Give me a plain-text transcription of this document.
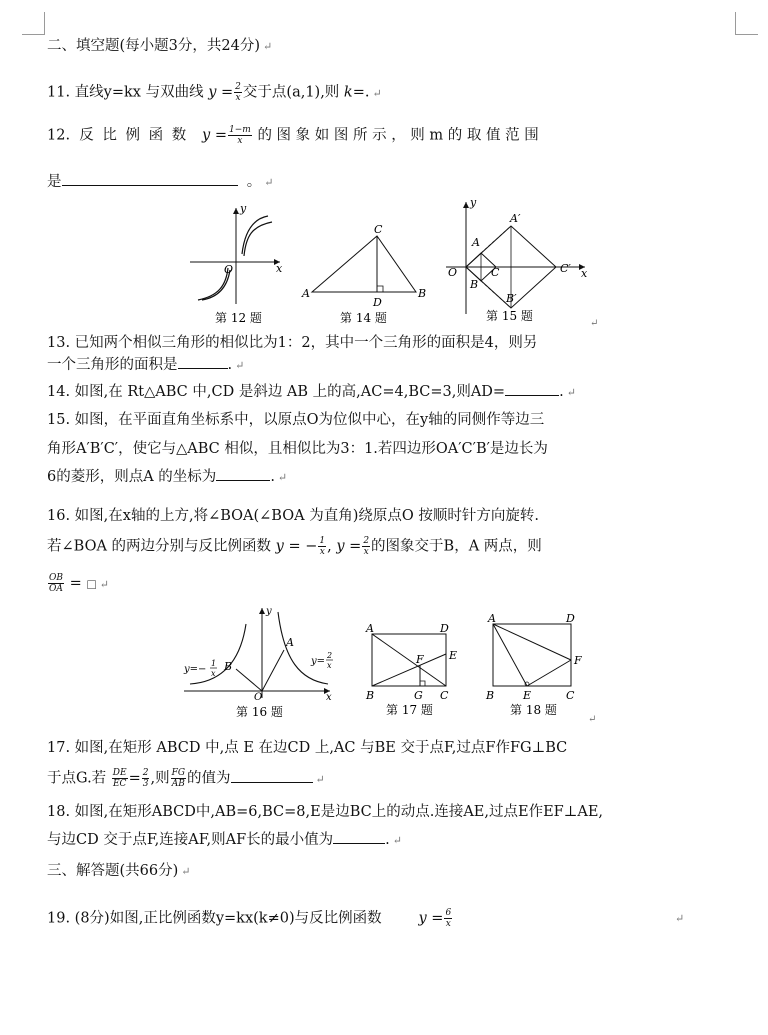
二、填空题(每小题3分，共24分) ↵
11. 直线y=kx 与双曲线 $y = \frac{2}{x}$ 交于点(a,1),则 k=. ↵
12. 反 比 例 函 数 $y = \frac{1-m}{x}$ 的 图 象 如 图 所 示 ， 则 m 的 取 值 范 围
是	。 ↵
x
y
O
第 12 题
A	B
C
D
第 14 题
x
y
O
A
B
C
A′
B′
C′
第 15 题
↵
13. 已知两个相似三角形的相似比为1：2，其中一个三角形的面积是4，则另
一个三角形的面积是	. ↵
14. 如图,在 Rt△ABC 中,CD 是斜边 AB 上的高,AC=4,BC=3,则AD=	. ↵
15. 如图，在平面直角坐标系中，以原点O为位似中心，在y轴的同侧作等边三
角形A′B′C′，使它与△ABC 相似，且相似比为3：1.若四边形OA′C′B′是边长为
6的菱形，则点A 的坐标为	. ↵
16. 如图,在x轴的上方,将∠BOA(∠BOA 为直角)绕原点O 按顺时针方向旋转.
若∠BOA 的两边分别与反比例函数 y = − $\frac{1}{x}$ , $y = \frac{2}{x}$ 的图象交于B，A 两点，则
$\frac{OB}{OA}$ = □ ↵
y
x
O
A
B
y=−
1
x
y=
2
x
第 16 题
A	D
B	C
E
F
G
第 17 题
A	D
B	E	C
F
第 18 题
↵
17. 如图,在矩形 ABCD 中,点 E 在边CD 上,AC 与BE 交于点F,过点F作FG⊥BC
于点G.若 $\frac{DE}{EC} = \frac{2}{3}$ ,则 $\frac{FG}{AB}$ 的值为	↵
18. 如图,在矩形ABCD中,AB=6,BC=8,E是边BC上的动点.连接AE,过点E作EF⊥AE,
与边CD 交于点F,连接AF,则AF长的最小值为	. ↵
三、解答题(共66分) ↵
19. (8分)如图,正比例函数y=kx(k≠0)与反比例函数	$y = \frac{6}{x}$	↵
